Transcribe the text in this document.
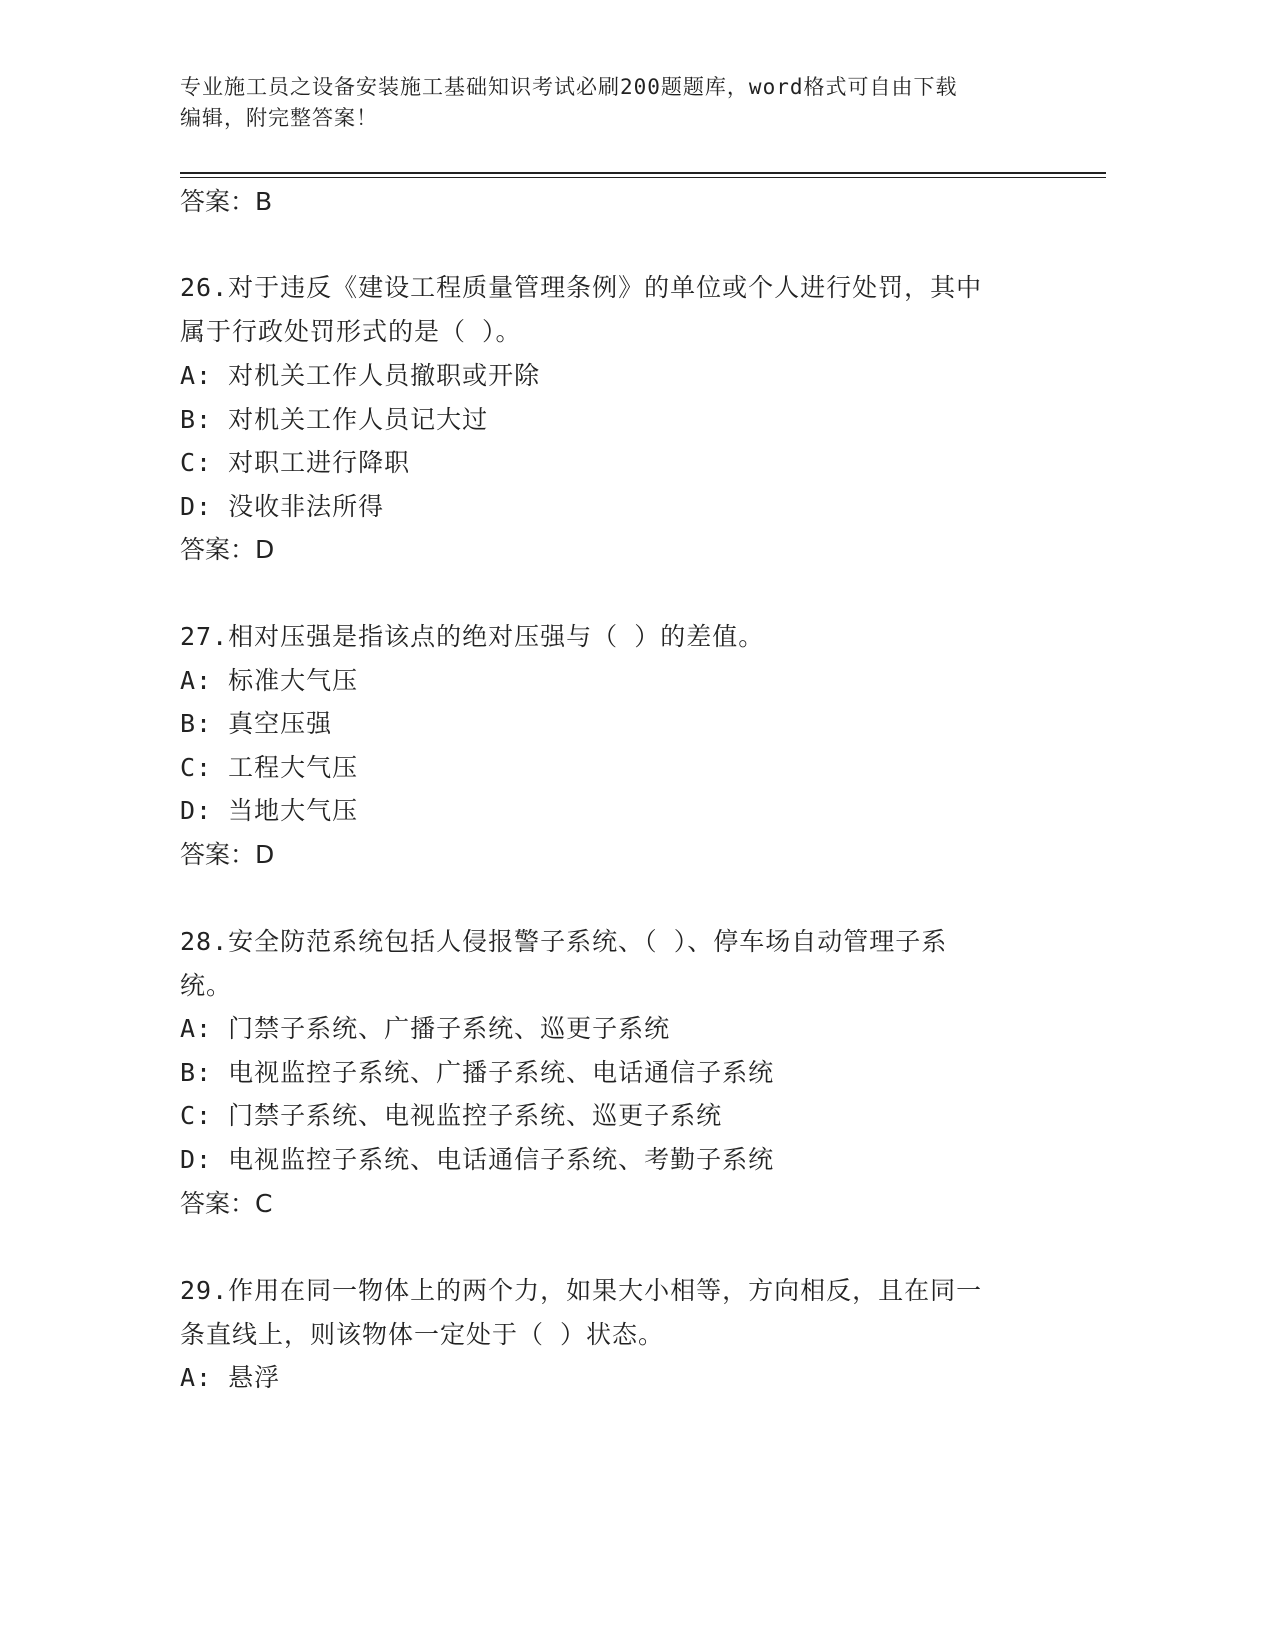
专业施工员之设备安装施工基础知识考试必刷200题题库，word格式可自由下载
编辑，附完整答案！
答案：B
26.对于违反《建设工程质量管理条例》的单位或个人进行处罚，其中
属于行政处罚形式的是（ ）。
A: 对机关工作人员撤职或开除
B: 对机关工作人员记大过
C: 对职工进行降职
D: 没收非法所得
答案：D
27.相对压强是指该点的绝对压强与（ ）的差值。
A: 标准大气压
B: 真空压强
C: 工程大气压
D: 当地大气压
答案：D
28.安全防范系统包括人侵报警子系统、（ ）、停车场自动管理子系
统。
A: 门禁子系统、广播子系统、巡更子系统
B: 电视监控子系统、广播子系统、电话通信子系统
C: 门禁子系统、电视监控子系统、巡更子系统
D: 电视监控子系统、电话通信子系统、考勤子系统
答案：C
29.作用在同一物体上的两个力，如果大小相等，方向相反，且在同一
条直线上，则该物体一定处于（ ）状态。
A: 悬浮
